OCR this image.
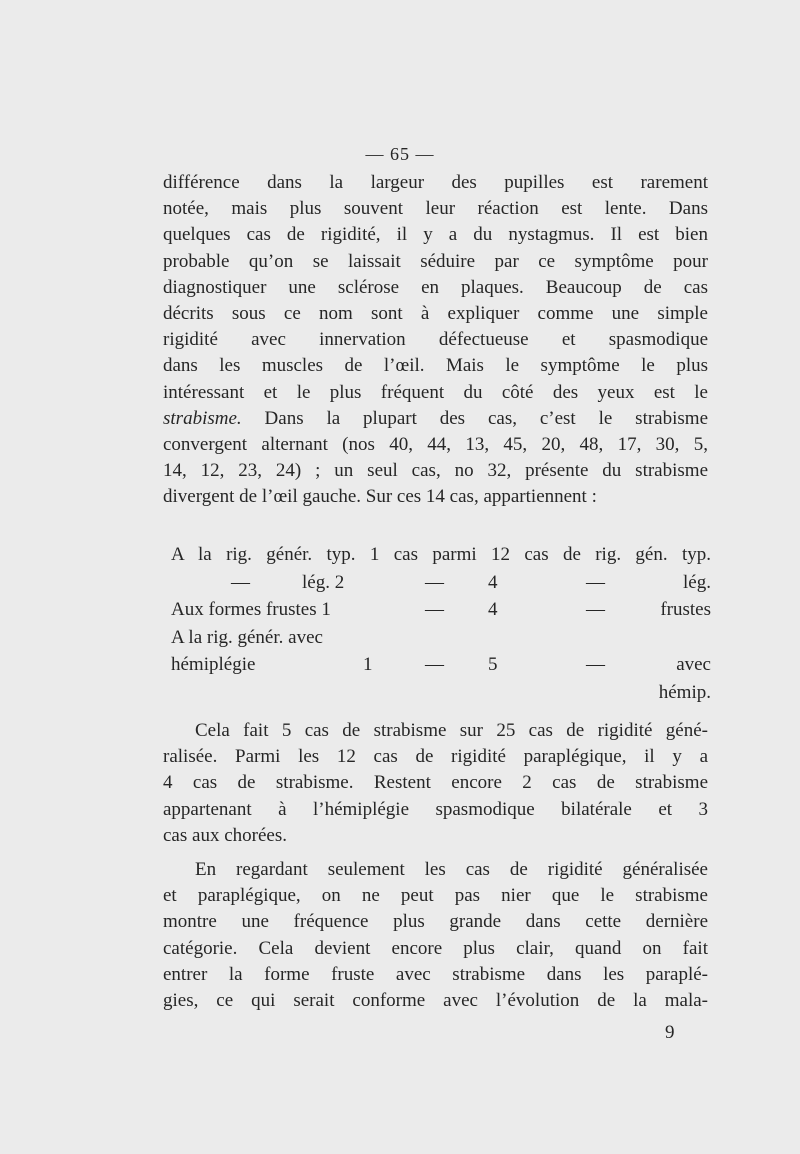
— 65 —
différence dans la largeur des pupilles est rarement
notée, mais plus souvent leur réaction est lente. Dans
quelques cas de rigidité, il y a du nystagmus. Il est bien
probable qu’on se laissait séduire par ce symptôme pour
diagnostiquer une sclérose en plaques. Beaucoup de cas
décrits sous ce nom sont à expliquer comme une simple
rigidité avec innervation défectueuse et spasmodique
dans les muscles de l’œil. Mais le symptôme le plus
intéressant et le plus fréquent du côté des yeux est le
strabisme. Dans la plupart des cas, c’est le strabisme
convergent alternant (nos 40, 44, 13, 45, 20, 48, 17, 30, 5,
14, 12, 23, 24) ; un seul cas, no 32, présente du strabisme
divergent de l’œil gauche. Sur ces 14 cas, appartiennent :
A la rig. génér. typ. 1 cas parmi 12 cas de rig. gén. typ.
—	lég. 2	— 4	—	lég.
Aux formes frustes 1	— 4	—	frustes
A la rig. génér. avec
hémiplégie	1	— 5	—	avec
hémip.
Cela fait 5 cas de strabisme sur 25 cas de rigidité géné-
ralisée. Parmi les 12 cas de rigidité paraplégique, il y a
4 cas de strabisme. Restent encore 2 cas de strabisme
appartenant à l’hémiplégie spasmodique bilatérale et 3
cas aux chorées.
En regardant seulement les cas de rigidité généralisée
et paraplégique, on ne peut pas nier que le strabisme
montre une fréquence plus grande dans cette dernière
catégorie. Cela devient encore plus clair, quand on fait
entrer la forme fruste avec strabisme dans les paraplé-
gies, ce qui serait conforme avec l’évolution de la mala-
9
